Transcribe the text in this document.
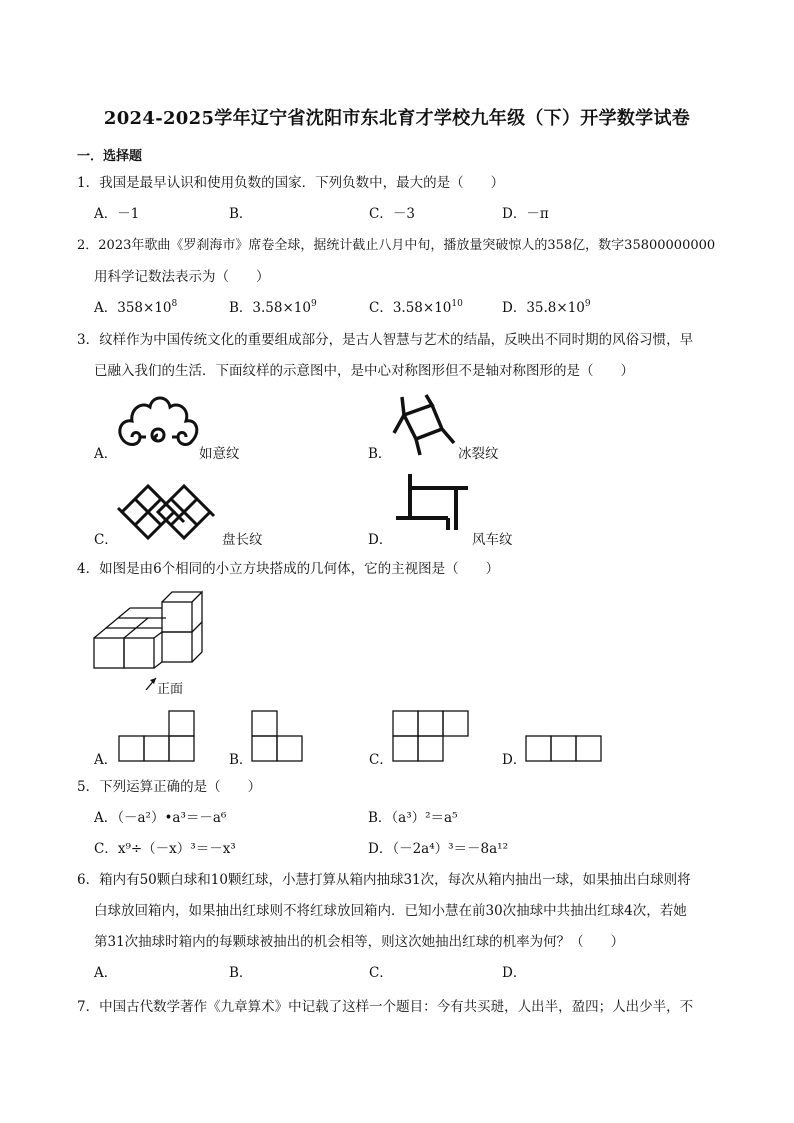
2024-2025学年辽宁省沈阳市东北育才学校九年级（下）开学数学试卷
一．选择题
1．我国是最早认识和使用负数的国家．下列负数中，最大的是（　　）
A．－1	B．	C．－3	D．－π
2．2023年歌曲《罗刹海市》席卷全球，据统计截止八月中旬，播放量突破惊人的358亿，数字35800000000
用科学记数法表示为（　　）
A．$358\times 10^8$	B．$3.58\times 10^9$	C．$3.58\times 10^{10}$	D．$35.8\times 10^9$
3．纹样作为中国传统文化的重要组成部分，是古人智慧与艺术的结晶，反映出不同时期的风俗习惯，早
已融入我们的生活．下面纹样的示意图中，是中心对称图形但不是轴对称图形的是（　　）
A．	如意纹	B．	冰裂纹
C．	盘长纹	D．	风车纹
4．如图是由6个相同的小立方块搭成的几何体，它的主视图是（　　）
正面
A．	B．	C．	D．
5．下列运算正确的是（　　）
A．（－a²）•a³＝－a⁶	B．（a³）²＝a⁵
C．x⁹÷（－x）³＝－x³	D．（－2a⁴）³＝－8a¹²
6．箱内有50颗白球和10颗红球，小慧打算从箱内抽球31次，每次从箱内抽出一球，如果抽出白球则将
白球放回箱内，如果抽出红球则不将红球放回箱内．已知小慧在前30次抽球中共抽出红球4次，若她
第31次抽球时箱内的每颗球被抽出的机会相等，则这次她抽出红球的机率为何？（　　）
A．	B．	C．	D．
7．中国古代数学著作《九章算术》中记载了这样一个题目：今有共买琎，人出半，盈四；人出少半，不
